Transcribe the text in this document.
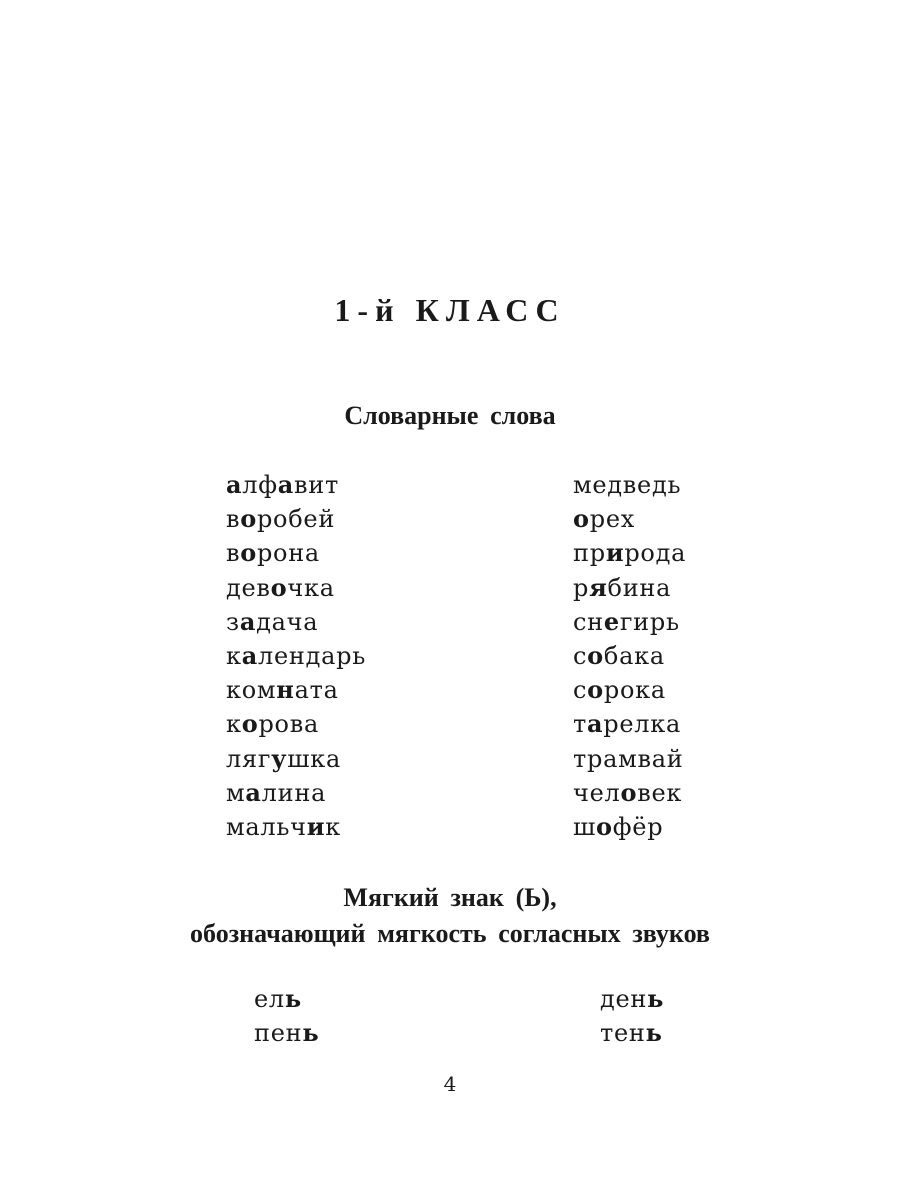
1-й КЛАСС
Словарные слова
алфавит
воробей
ворона
девочка
задача
календарь
комната
корова
лягушка
малина
мальчик
медведь
орех
природа
рябина
снегирь
собака
сорока
тарелка
трамвай
человек
шофёр
Мягкий знак (Ь),
обозначающий мягкость согласных звуков
ель
пень
день
тень
4
